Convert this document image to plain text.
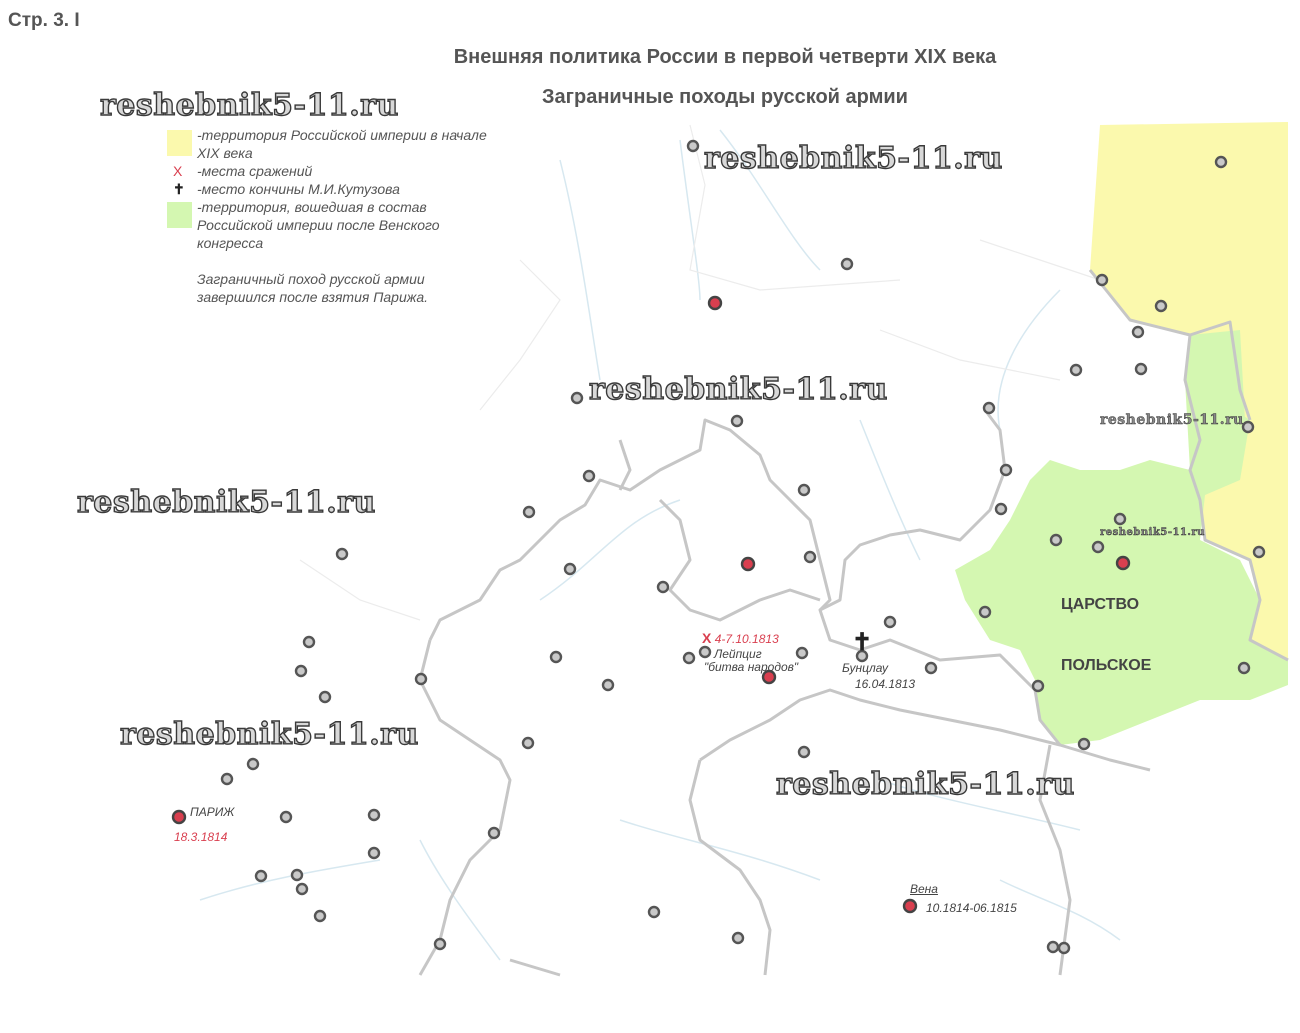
Стр. 3. I
Внешняя политика России в первой четверти XIX века
Заграничные походы русской армии
-территория Российской империи в начале XIX века
X -места сражений
✝ -место кончины М.И.Кутузова
-территория, вошедшая в состав Российской империи после Венского конгресса
Заграничный поход русской армии завершился после взятия Парижа.
X 4-7.10.1813
Лейпциг
"битва народов"
✝
Бунцлау
16.04.1813
ПАРИЖ
18.3.1814
Вена
10.1814-06.1815
ЦАРСТВО
ПОЛЬСКОЕ
reshebnik5-11.ru
reshebnik5-11.ru
reshebnik5-11.ru
reshebnik5-11.ru
reshebnik5-11.ru
reshebnik5-11.ru
reshebnik5-11.ru
reshebnik5-11.ru
